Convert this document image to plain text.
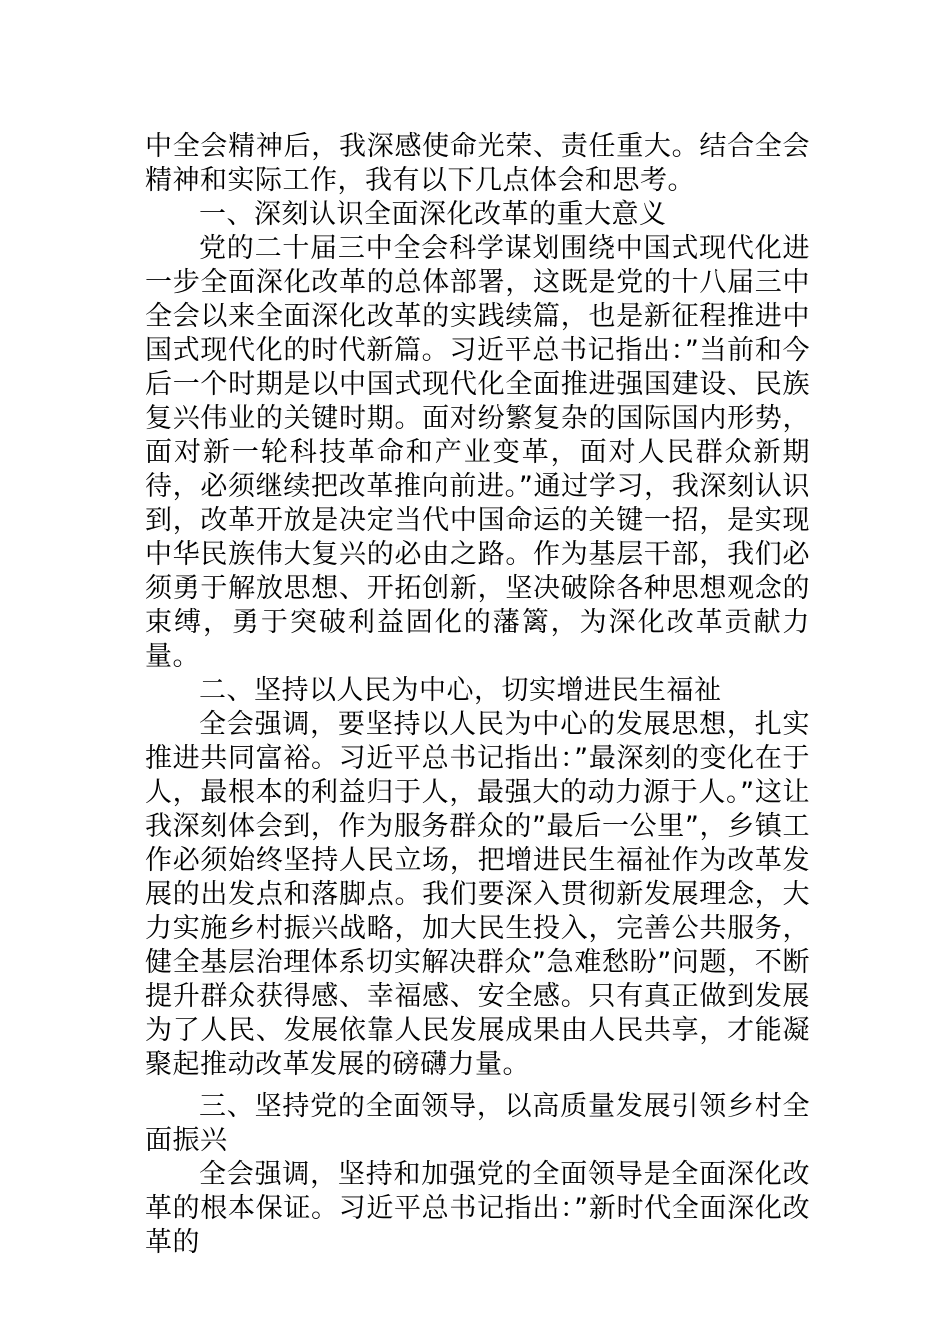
中全会精神后，我深感使命光荣、责任重大。结合全会精神和实际工作，我有以下几点体会和思考。

一、深刻认识全面深化改革的重大意义

党的二十届三中全会科学谋划围绕中国式现代化进一步全面深化改革的总体部署，这既是党的十八届三中全会以来全面深化改革的实践续篇，也是新征程推进中国式现代化的时代新篇。习近平总书记指出：”当前和今后一个时期是以中国式现代化全面推进强国建设、民族复兴伟业的关键时期。面对纷繁复杂的国际国内形势，面对新一轮科技革命和产业变革，面对人民群众新期待，必须继续把改革推向前进。”通过学习，我深刻认识到，改革开放是决定当代中国命运的关键一招，是实现中华民族伟大复兴的必由之路。作为基层干部，我们必须勇于解放思想、开拓创新，坚决破除各种思想观念的束缚，勇于突破利益固化的藩篱，为深化改革贡献力量。

二、坚持以人民为中心，切实增进民生福祉

全会强调，要坚持以人民为中心的发展思想，扎实推进共同富裕。习近平总书记指出：”最深刻的变化在于人，最根本的利益归于人，最强大的动力源于人。”这让我深刻体会到，作为服务群众的”最后一公里”，乡镇工作必须始终坚持人民立场，把增进民生福祉作为改革发展的出发点和落脚点。我们要深入贯彻新发展理念，大力实施乡村振兴战略，加大民生投入，完善公共服务，健全基层治理体系切实解决群众”急难愁盼”问题，不断提升群众获得感、幸福感、安全感。只有真正做到发展为了人民、发展依靠人民发展成果由人民共享，才能凝聚起推动改革发展的磅礴力量。

三、坚持党的全面领导，以高质量发展引领乡村全面振兴

全会强调，坚持和加强党的全面领导是全面深化改革的根本保证。习近平总书记指出：”新时代全面深化改革的
